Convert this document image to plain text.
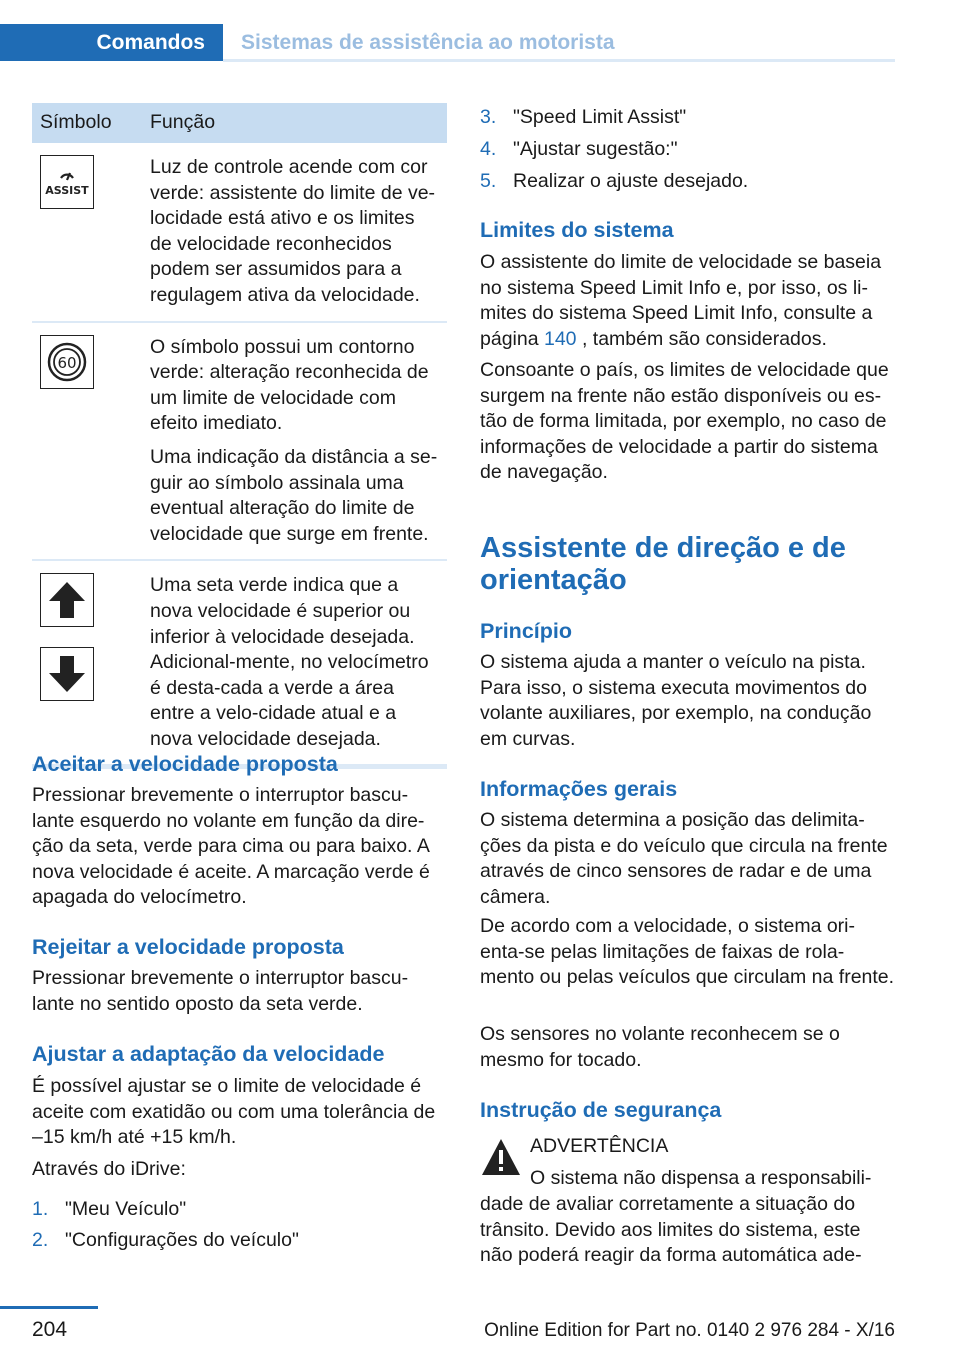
Comandos	Sistemas de assistência ao motorista
Símbolo	Função

ASSIST	Luz de controle acende com cor verde: assistente do limite de ve-locidade está ativo e os limites de velocidade reconhecidos podem ser assumidos para a regulagem ativa da velocidade.

60	O símbolo possui um contorno verde: alteração reconhecida de um limite de velocidade com efeito imediato.

Uma indicação da distância a se-guir ao símbolo assinala uma eventual alteração do limite de velocidade que surge em frente.

Uma seta verde indica que a nova velocidade é superior ou inferior à velocidade desejada. Adicional-mente, no velocímetro é desta-cada a verde a área entre a velo-cidade atual e a nova velocidade desejada.

Aceitar a velocidade proposta
Pressionar brevemente o interruptor bascu-lante esquerdo no volante em função da dire-ção da seta, verde para cima ou para baixo. A nova velocidade é aceite. A marcação verde é apagada do velocímetro.
Rejeitar a velocidade proposta
Pressionar brevemente o interruptor bascu-lante no sentido oposto da seta verde.
Ajustar a adaptação da velocidade
É possível ajustar se o limite de velocidade é aceite com exatidão ou com uma tolerância de –15 km/h até +15 km/h.
Através do iDrive:
1. "Meu Veículo"
2. "Configurações do veículo"
3. "Speed Limit Assist"
4. "Ajustar sugestão:"
5. Realizar o ajuste desejado.
Limites do sistema
O assistente do limite de velocidade se baseia no sistema Speed Limit Info e, por isso, os li-mites do sistema Speed Limit Info, consulte a página 140 , também são considerados.
Consoante o país, os limites de velocidade que surgem na frente não estão disponíveis ou es-tão de forma limitada, por exemplo, no caso de informações de velocidade a partir do sistema de navegação.
Assistente de direção e de orientação
Princípio
O sistema ajuda a manter o veículo na pista. Para isso, o sistema executa movimentos do volante auxiliares, por exemplo, na condução em curvas.
Informações gerais
O sistema determina a posição das delimita-ções da pista e do veículo que circula na frente através de cinco sensores de radar e de uma câmera.
De acordo com a velocidade, o sistema ori-enta-se pelas limitações de faixas de rola-mento ou pelas veículos que circulam na frente.
Os sensores no volante reconhecem se o mesmo for tocado.
Instrução de segurança
ADVERTÊNCIA
O sistema não dispensa a responsabili-
dade de avaliar corretamente a situação do trânsito. Devido aos limites do sistema, este não poderá reagir da forma automática ade-
204	Online Edition for Part no. 0140 2 976 284 - X/16
